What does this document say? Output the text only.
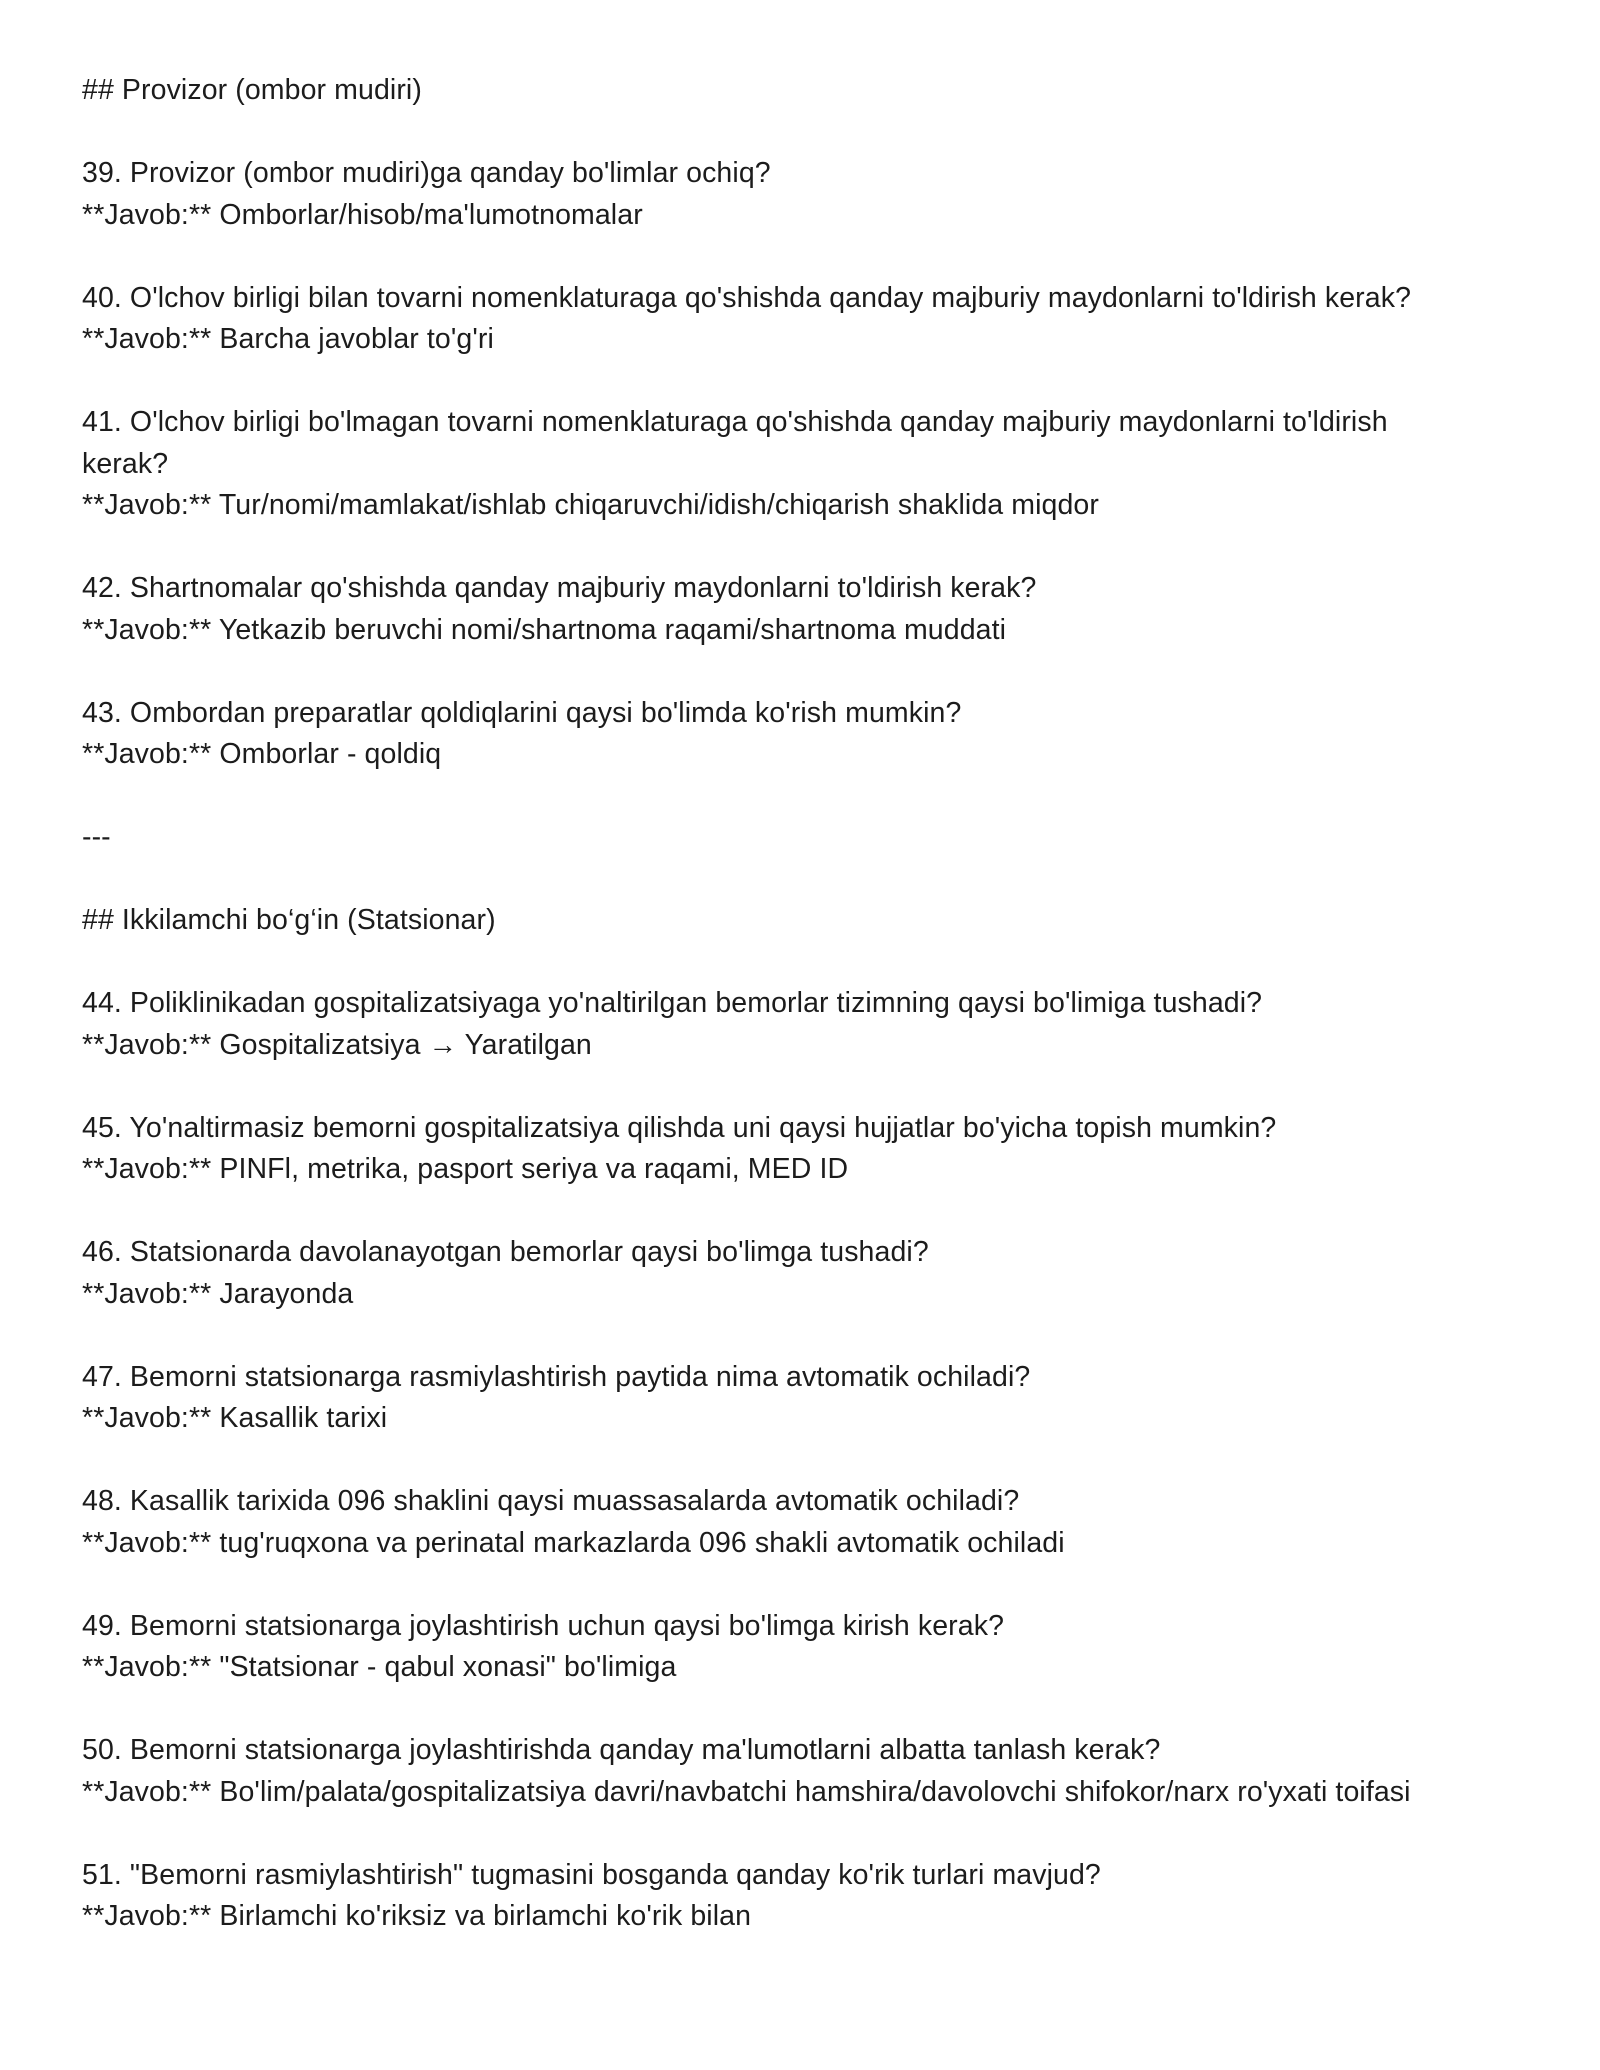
## Provizor (ombor mudiri)
39. Provizor (ombor mudiri)ga qanday bo'limlar ochiq?
**Javob:** Omborlar/hisob/ma'lumotnomalar
40. O'lchov birligi bilan tovarni nomenklaturaga qo'shishda qanday majburiy maydonlarni to'ldirish kerak?
**Javob:** Barcha javoblar to'g'ri
41. O'lchov birligi bo'lmagan tovarni nomenklaturaga qo'shishda qanday majburiy maydonlarni to'ldirish kerak?
**Javob:** Tur/nomi/mamlakat/ishlab chiqaruvchi/idish/chiqarish shaklida miqdor
42. Shartnomalar qo'shishda qanday majburiy maydonlarni to'ldirish kerak?
**Javob:** Yetkazib beruvchi nomi/shartnoma raqami/shartnoma muddati
43. Ombordan preparatlar qoldiqlarini qaysi bo'limda ko'rish mumkin?
**Javob:** Omborlar - qoldiq
---
## Ikkilamchi bo‘g‘in (Statsionar)
44. Poliklinikadan gospitalizatsiyaga yo'naltirilgan bemorlar tizimning qaysi bo'limiga tushadi?
**Javob:** Gospitalizatsiya → Yaratilgan
45. Yo'naltirmasiz bemorni gospitalizatsiya qilishda uni qaysi hujjatlar bo'yicha topish mumkin?
**Javob:** PINFl, metrika, pasport seriya va raqami, MED ID
46. Statsionarda davolanayotgan bemorlar qaysi bo'limga tushadi?
**Javob:** Jarayonda
47. Bemorni statsionarga rasmiylashtirish paytida nima avtomatik ochiladi?
**Javob:** Kasallik tarixi
48. Kasallik tarixida 096 shaklini qaysi muassasalarda avtomatik ochiladi?
**Javob:** tug'ruqxona va perinatal markazlarda 096 shakli avtomatik ochiladi
49. Bemorni statsionarga joylashtirish uchun qaysi bo'limga kirish kerak?
**Javob:** "Statsionar - qabul xonasi" bo'limiga
50. Bemorni statsionarga joylashtirishda qanday ma'lumotlarni albatta tanlash kerak?
**Javob:** Bo'lim/palata/gospitalizatsiya davri/navbatchi hamshira/davolovchi shifokor/narx ro'yxati toifasi
51. "Bemorni rasmiylashtirish" tugmasini bosganda qanday ko'rik turlari mavjud?
**Javob:** Birlamchi ko'riksiz va birlamchi ko'rik bilan
